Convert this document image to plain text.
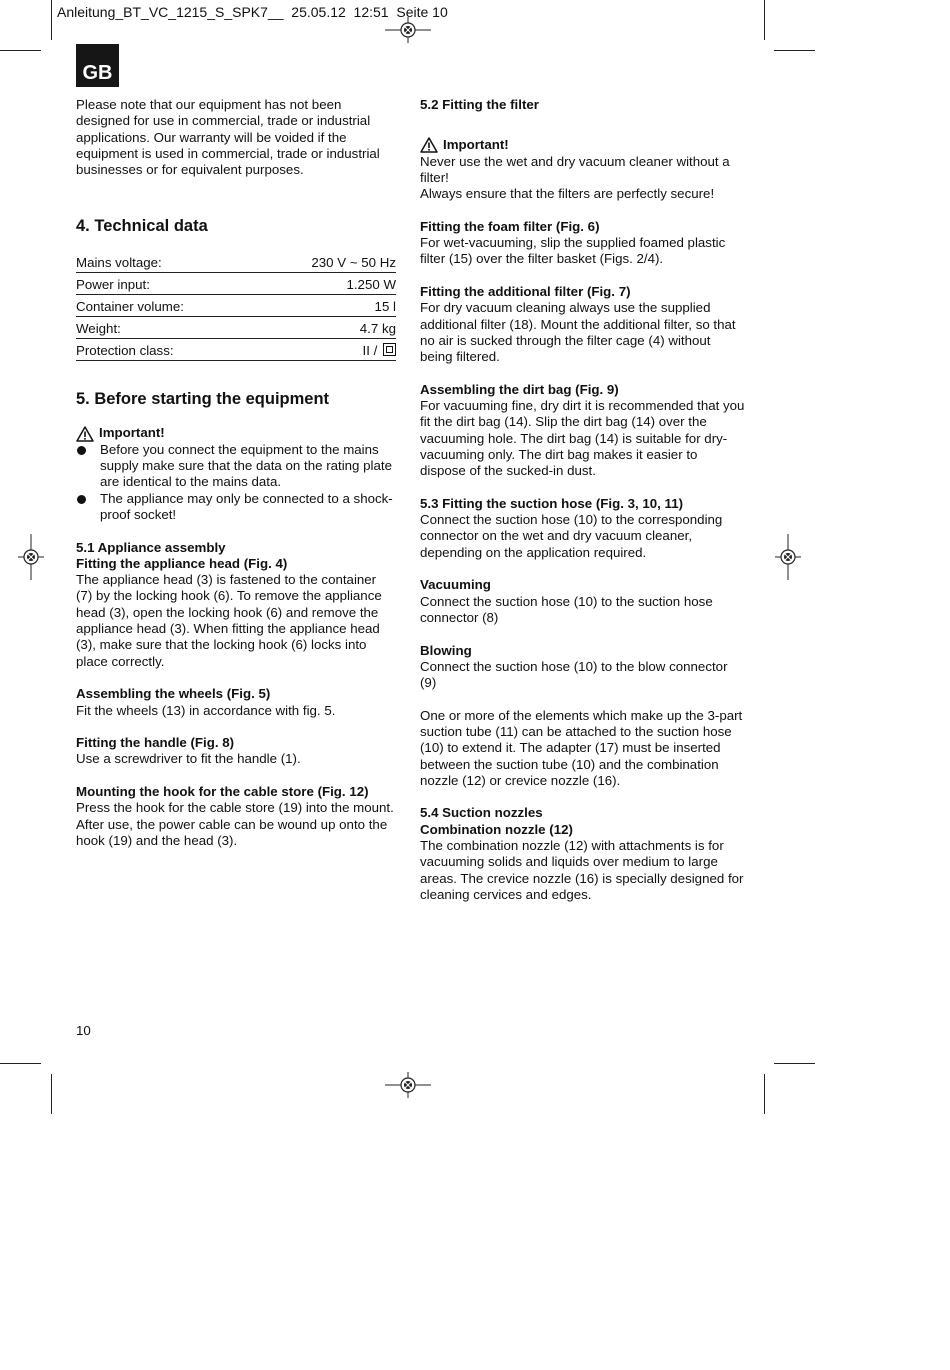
Anleitung_BT_VC_1215_S_SPK7__  25.05.12  12:51  Seite 10
GB

Please note that our equipment has not been designed for use in commercial, trade or industrial applications. Our warranty will be voided if the equipment is used in commercial, trade or industrial businesses or for equivalent purposes.

4. Technical data

Mains voltage:	230 V ~ 50 Hz
Power input:	1.250 W
Container volume:	15 l
Weight:	4.7 kg
Protection class:	II /

5. Before starting the equipment

Important!
Before you connect the equipment to the mains supply make sure that the data on the rating plate are identical to the mains data.
The appliance may only be connected to a shock-proof socket!

5.1 Appliance assembly

Fitting the appliance head (Fig. 4)

The appliance head (3) is fastened to the container (7) by the locking hook (6). To remove the appliance head (3), open the locking hook (6) and remove the appliance head (3). When fitting the appliance head (3), make sure that the locking hook (6) locks into place correctly.

Assembling the wheels (Fig. 5)

Fit the wheels (13) in accordance with fig. 5.

Fitting the handle (Fig. 8)

Use a screwdriver to fit the handle (1).

Mounting the hook for the cable store (Fig. 12)

Press the hook for the cable store (19) into the mount. After use, the power cable can be wound up onto the hook (19) and the head (3).

5.2 Fitting the filter

Important!

Never use the wet and dry vacuum cleaner without a filter!

Always ensure that the filters are perfectly secure!

Fitting the foam filter (Fig. 6)

For wet-vacuuming, slip the supplied foamed plastic filter (15) over the filter basket (Figs. 2/4).

Fitting the additional filter (Fig. 7)

For dry vacuum cleaning always use the supplied additional filter (18). Mount the additional filter, so that no air is sucked through the filter cage (4) without being filtered.

Assembling the dirt bag (Fig. 9)

For vacuuming fine, dry dirt it is recommended that you fit the dirt bag (14). Slip the dirt bag (14) over the vacuuming hole. The dirt bag (14) is suitable for dry-vacuuming only. The dirt bag makes it easier to dispose of the sucked-in dust.

5.3 Fitting the suction hose (Fig. 3, 10, 11)

Connect the suction hose (10) to the corresponding connector on the wet and dry vacuum cleaner, depending on the application required.

Vacuuming

Connect the suction hose (10) to the suction hose connector (8)

Blowing

Connect the suction hose (10) to the blow connector (9)

One or more of the elements which make up the 3-part suction tube (11) can be attached to the suction hose (10) to extend it. The adapter (17) must be inserted between the suction tube (10) and the combination nozzle (12) or crevice nozzle (16).

5.4 Suction nozzles

Combination nozzle (12)

The combination nozzle (12) with attachments is for vacuuming solids and liquids over medium to large areas. The crevice nozzle (16) is specially designed for cleaning cervices and edges.

10
